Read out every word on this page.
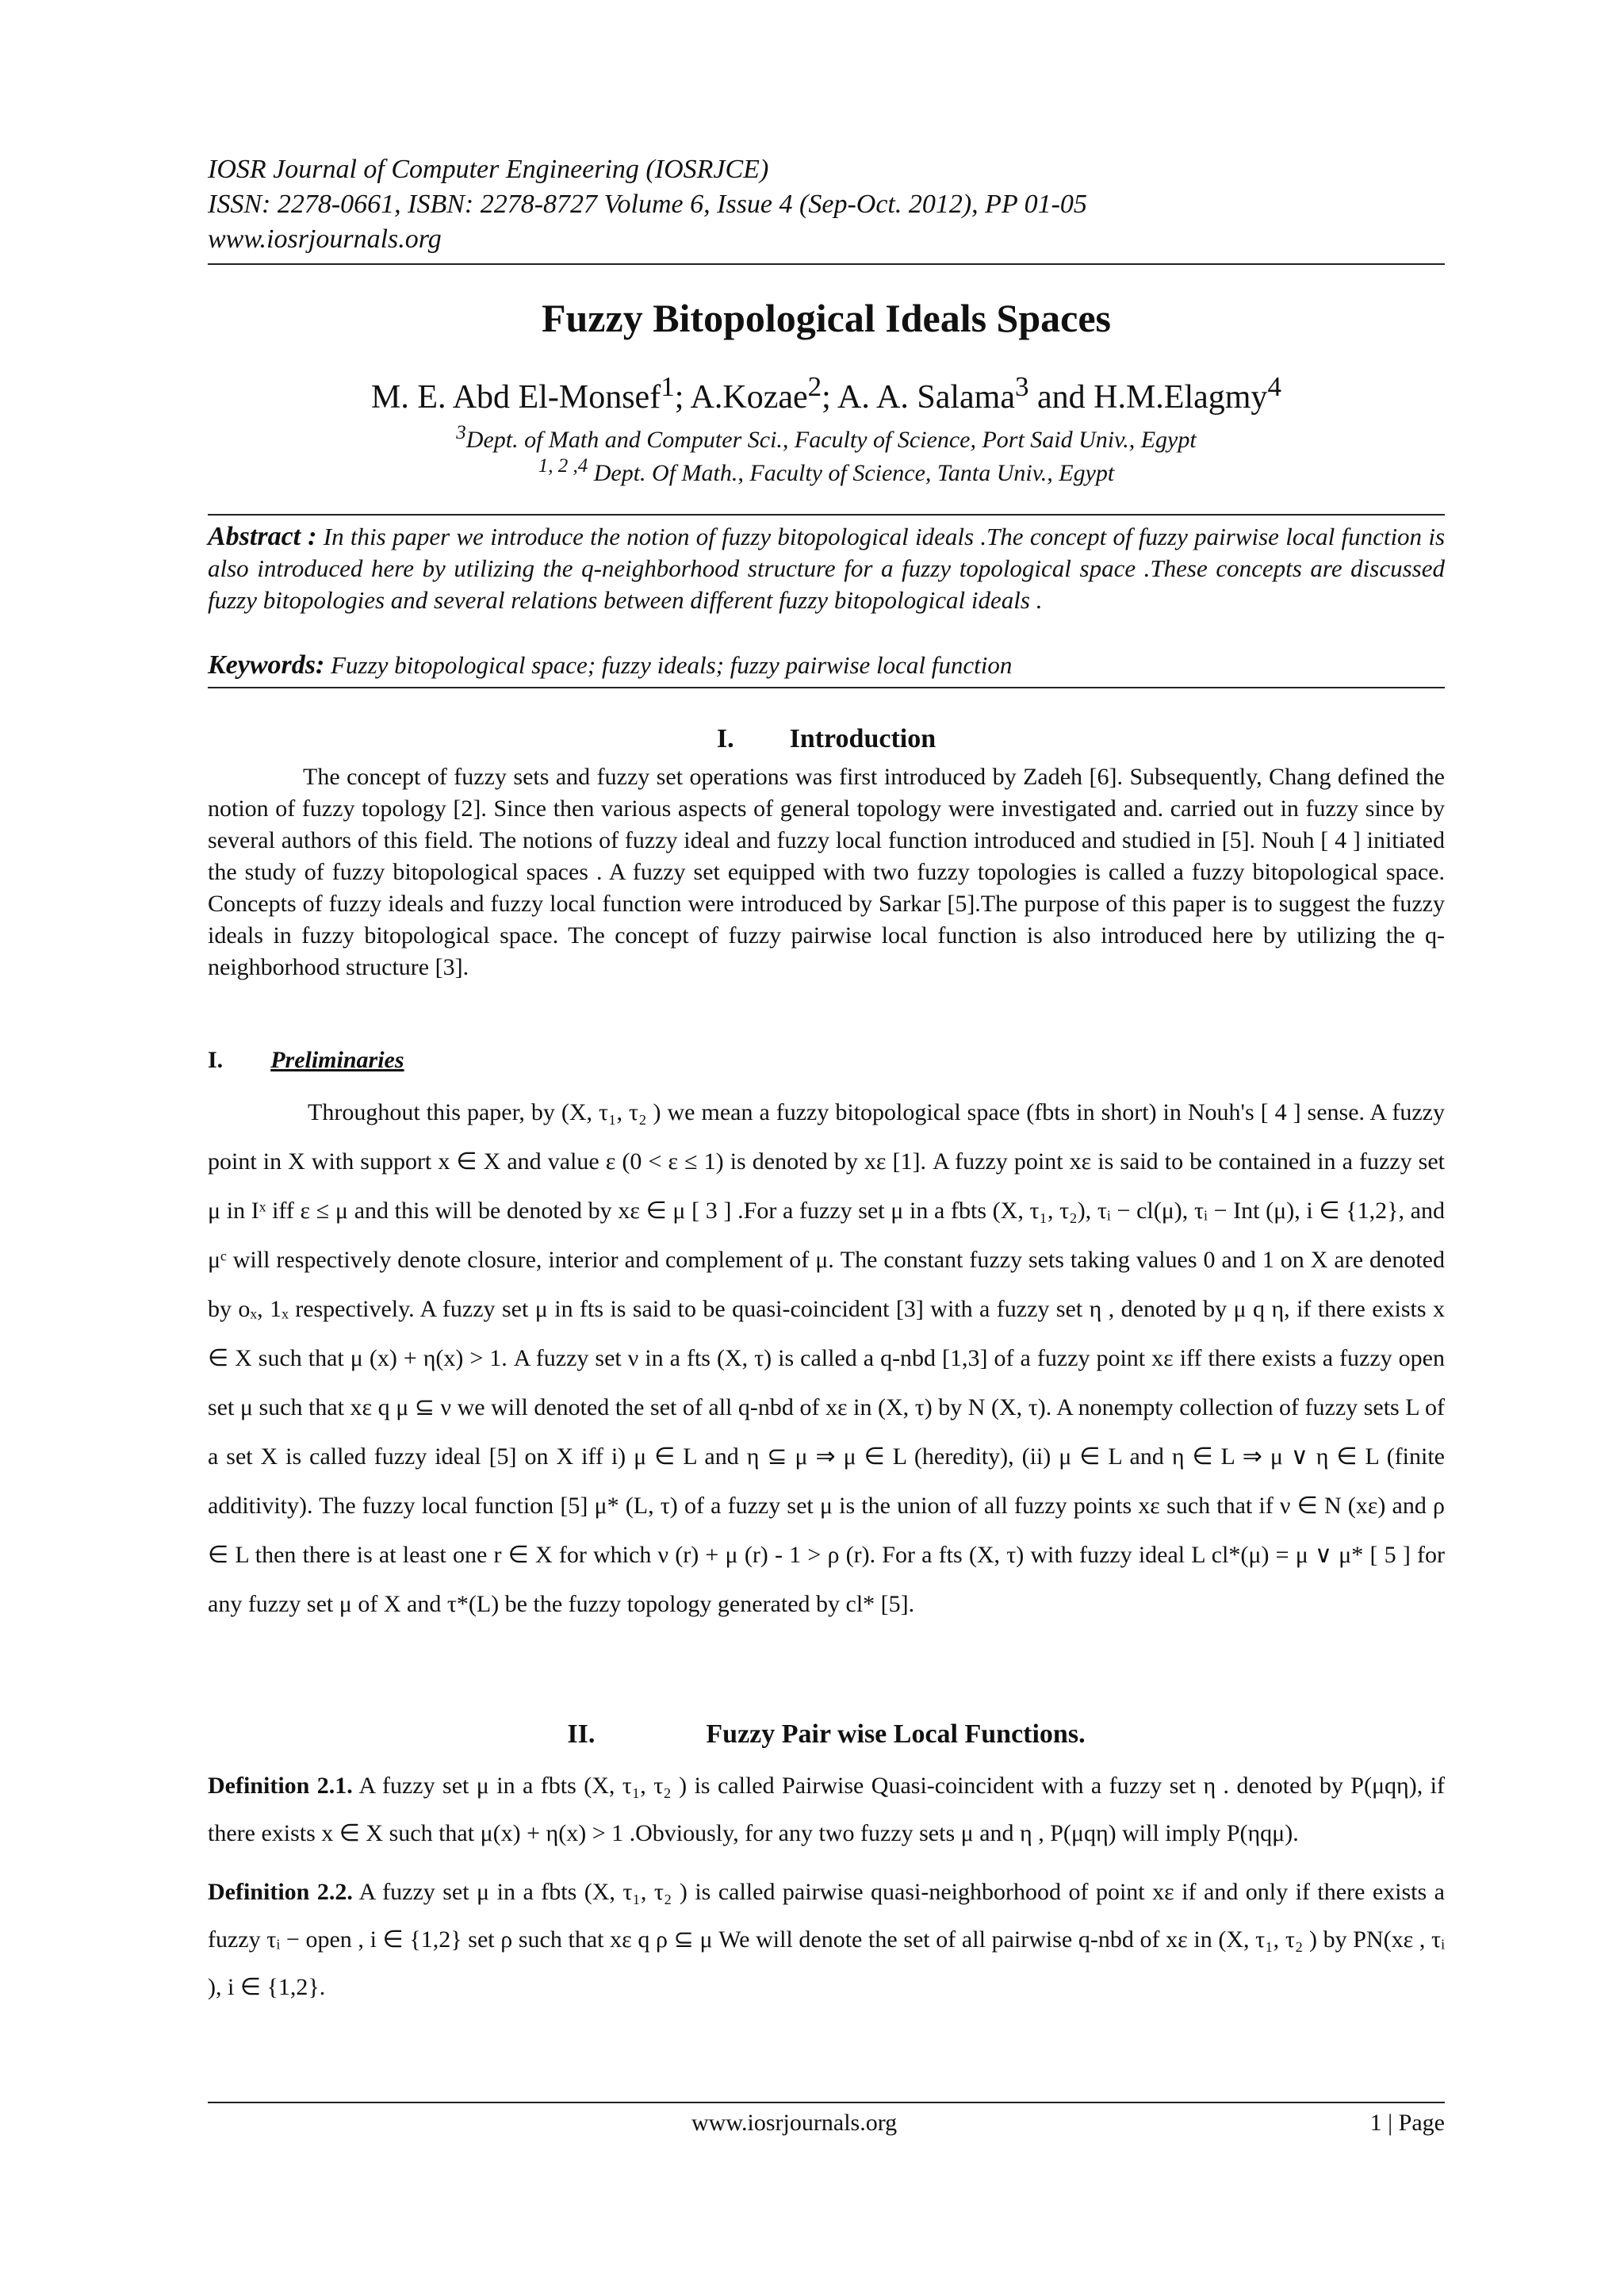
IOSR Journal of Computer Engineering (IOSRJCE)
ISSN: 2278-0661, ISBN: 2278-8727 Volume 6, Issue 4 (Sep-Oct. 2012), PP 01-05
www.iosrjournals.org
Fuzzy Bitopological Ideals Spaces
M. E. Abd El-Monsef$^1$; A.Kozae$^2$; A. A. Salama$^3$ and H.M.Elagmy$^4$
$^3$Dept. of Math and Computer Sci., Faculty of Science, Port Said Univ., Egypt
$^{1, 2 ,4}$ Dept. Of Math., Faculty of Science, Tanta Univ., Egypt
Abstract : In this paper we introduce the notion of fuzzy bitopological ideals .The concept of fuzzy pairwise local function is also introduced here by utilizing the q-neighborhood structure for a fuzzy topological space .These concepts are discussed fuzzy bitopologies and several relations between different fuzzy bitopological ideals .
Keywords: Fuzzy bitopological space; fuzzy ideals; fuzzy pairwise local function
I. Introduction

The concept of fuzzy sets and fuzzy set operations was first introduced by Zadeh [6]. Subsequently, Chang defined the notion of fuzzy topology [2]. Since then various aspects of general topology were investigated and. carried out in fuzzy since by several authors of this field. The notions of fuzzy ideal and fuzzy local function introduced and studied in [5]. Nouh [ 4 ] initiated the study of fuzzy bitopological spaces . A fuzzy set equipped with two fuzzy topologies is called a fuzzy bitopological space. Concepts of fuzzy ideals and fuzzy local function were introduced by Sarkar [5].The purpose of this paper is to suggest the fuzzy ideals in fuzzy bitopological space. The concept of fuzzy pairwise local function is also introduced here by utilizing the q-neighborhood structure [3].

I. Preliminaries

Throughout this paper, by (X, τ₁, τ₂ ) we mean a fuzzy bitopological space (fbts in short) in Nouh's [ 4 ] sense. A fuzzy point in X with support x ∈ X and value ε (0 < ε ≤ 1) is denoted by xε [1]. A fuzzy point xε is said to be contained in a fuzzy set μ in Iˣ iff ε ≤ μ and this will be denoted by xε ∈ μ [ 3 ] .For a fuzzy set μ in a fbts (X, τ₁, τ₂), τᵢ − cl(μ), τᵢ − Int (μ), i ∈ {1,2}, and μᶜ will respectively denote closure, interior and complement of μ. The constant fuzzy sets taking values 0 and 1 on X are denoted by oₓ, 1ₓ respectively. A fuzzy set μ in fts is said to be quasi-coincident [3] with a fuzzy set η , denoted by μ q η, if there exists x ∈ X such that μ (x) + η(x) > 1. A fuzzy set ν in a fts (X, τ) is called a q-nbd [1,3] of a fuzzy point xε iff there exists a fuzzy open set μ such that xε q μ ⊆ ν we will denoted the set of all q-nbd of xε in (X, τ) by N (X, τ). A nonempty collection of fuzzy sets L of a set X is called fuzzy ideal [5] on X iff i) μ ∈ L and η ⊆ μ ⇒ μ ∈ L (heredity), (ii) μ ∈ L and η ∈ L ⇒ μ ∨ η ∈ L (finite additivity). The fuzzy local function [5] μ* (L, τ) of a fuzzy set μ is the union of all fuzzy points xε such that if ν ∈ N (xε) and ρ ∈ L then there is at least one r ∈ X for which ν (r) + μ (r) - 1 > ρ (r). For a fts (X, τ) with fuzzy ideal L cl*(μ) = μ ∨ μ* [ 5 ] for any fuzzy set μ of X and τ*(L) be the fuzzy topology generated by cl* [5].

II.	Fuzzy Pair wise Local Functions.

Definition 2.1. A fuzzy set μ in a fbts (X, τ₁, τ₂ ) is called Pairwise Quasi-coincident with a fuzzy set η . denoted by P(μqη), if there exists x ∈ X such that μ(x) + η(x) > 1 .Obviously, for any two fuzzy sets μ and η , P(μqη) will imply P(ηqμ).

Definition 2.2. A fuzzy set μ in a fbts (X, τ₁, τ₂ ) is called pairwise quasi-neighborhood of point xε if and only if there exists a fuzzy τᵢ − open , i ∈ {1,2} set ρ such that xε q ρ ⊆ μ We will denote the set of all pairwise q-nbd of xε in (X, τ₁, τ₂ ) by PN(xε , τᵢ ), i ∈ {1,2}.

www.iosrjournals.org	1 | Page
